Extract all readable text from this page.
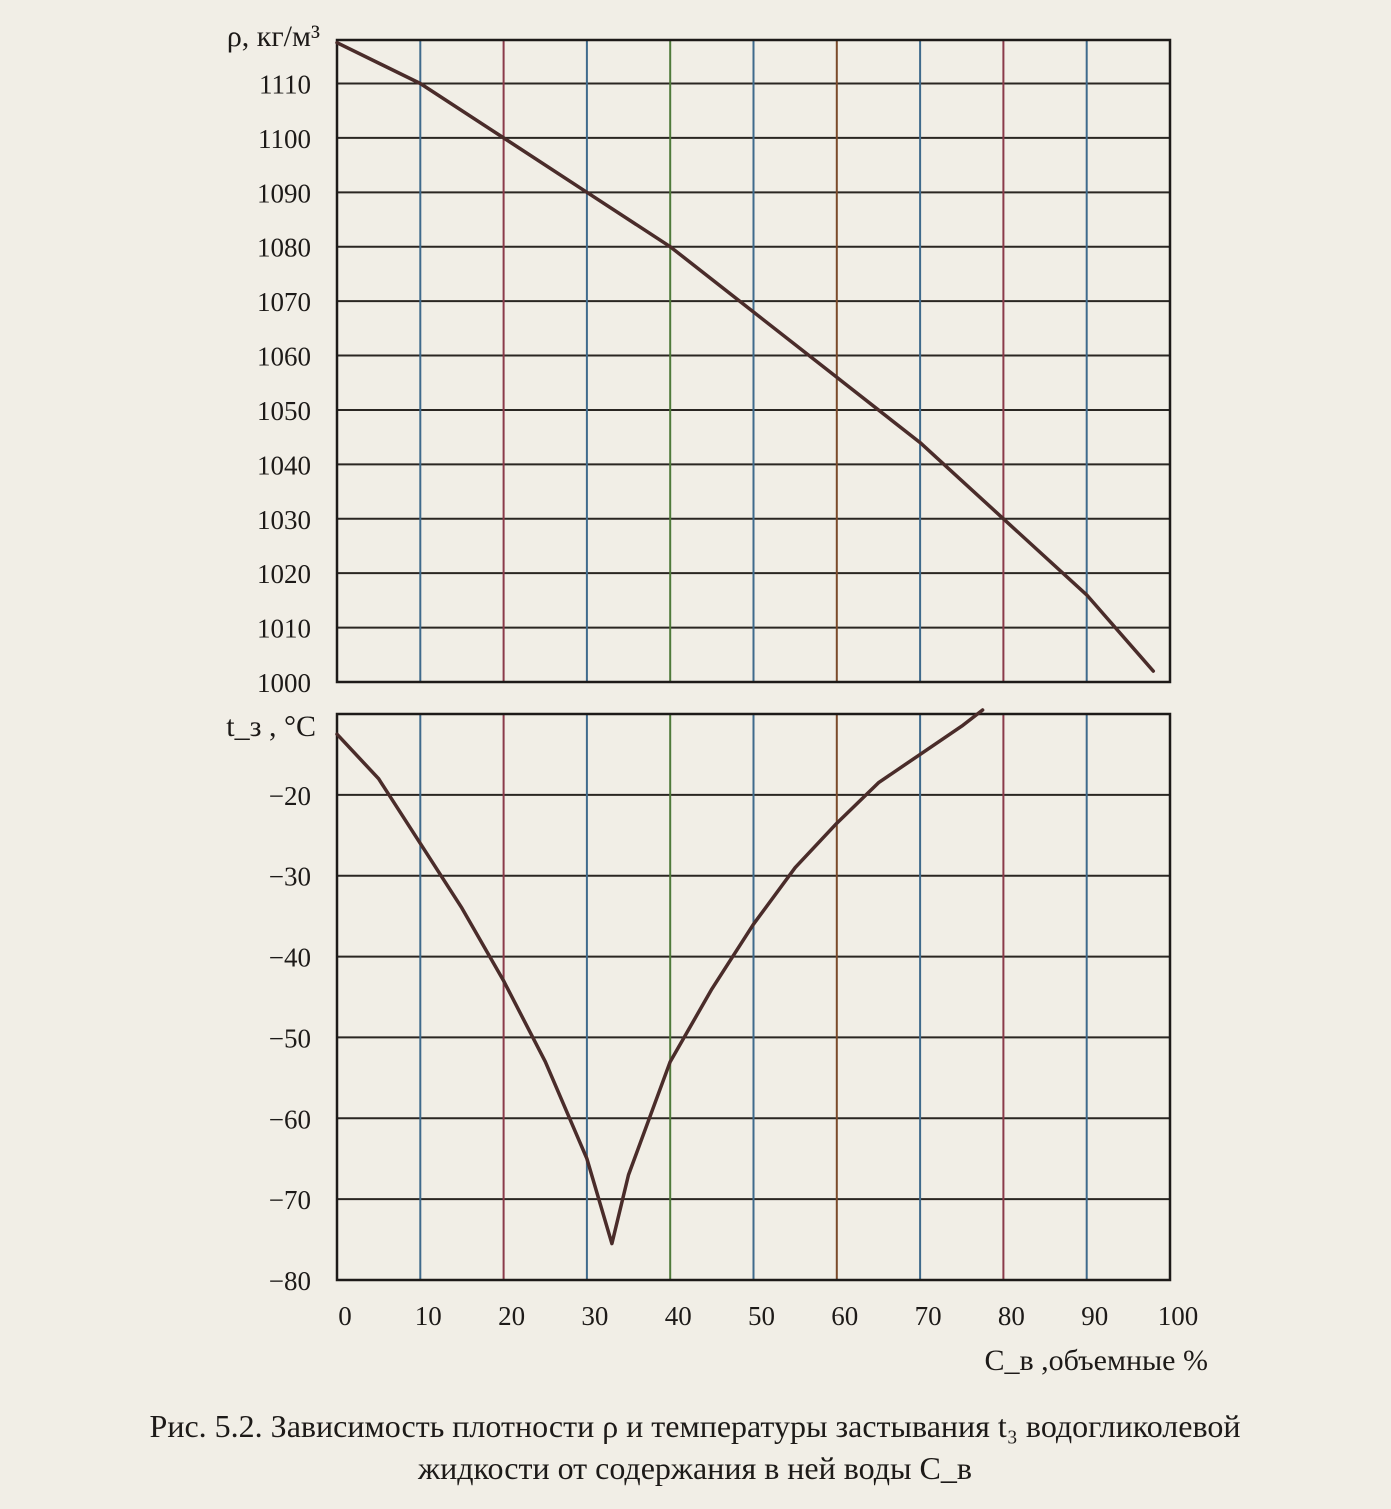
1000
1010
1020
1030
1040
1050
1060
1070
1080
1090
1100
1110
−20
−30
−40
−50
−60
−70
−80
0 10 20 30 40 50 60 70 80 90 100
ρ, кг/м³
t_з , °C
C_в ,объемные %
Рис. 5.2. Зависимость плотности ρ и температуры застывания t₃ водогликолевой
жидкости от содержания в ней воды C_в
